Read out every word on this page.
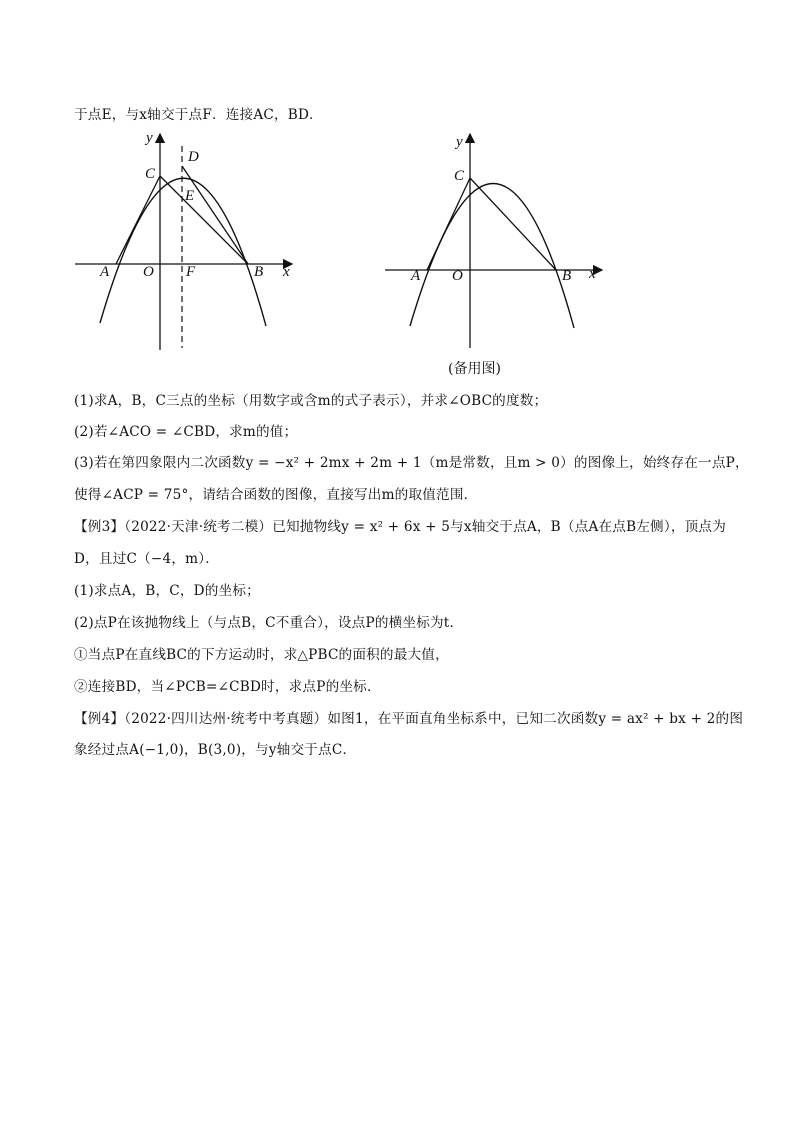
于点E，与x轴交于点F．连接AC，BD．
y
x
C
D
E
A O F	B
y
x
C
A O	B
(备用图)
(1)求A，B，C三点的坐标（用数字或含m的式子表示），并求∠OBC的度数；
(2)若∠ACO = ∠CBD，求m的值；
(3)若在第四象限内二次函数y = −x² + 2mx + 2m + 1（m是常数，且m > 0）的图像上，始终存在一点P，
使得∠ACP = 75°，请结合函数的图像，直接写出m的取值范围．
【例3】（2022·天津·统考二模）已知抛物线y = x² + 6x + 5与x轴交于点A，B（点A在点B左侧），顶点为
D，且过C（−4，m）．
(1)求点A，B，C，D的坐标；
(2)点P在该抛物线上（与点B，C不重合），设点P的横坐标为t．
①当点P在直线BC的下方运动时，求△PBC的面积的最大值，
②连接BD，当∠PCB=∠CBD时，求点P的坐标．
【例4】（2022·四川达州·统考中考真题）如图1，在平面直角坐标系中，已知二次函数y = ax² + bx + 2的图
象经过点A(−1,0)，B(3,0)，与y轴交于点C．
